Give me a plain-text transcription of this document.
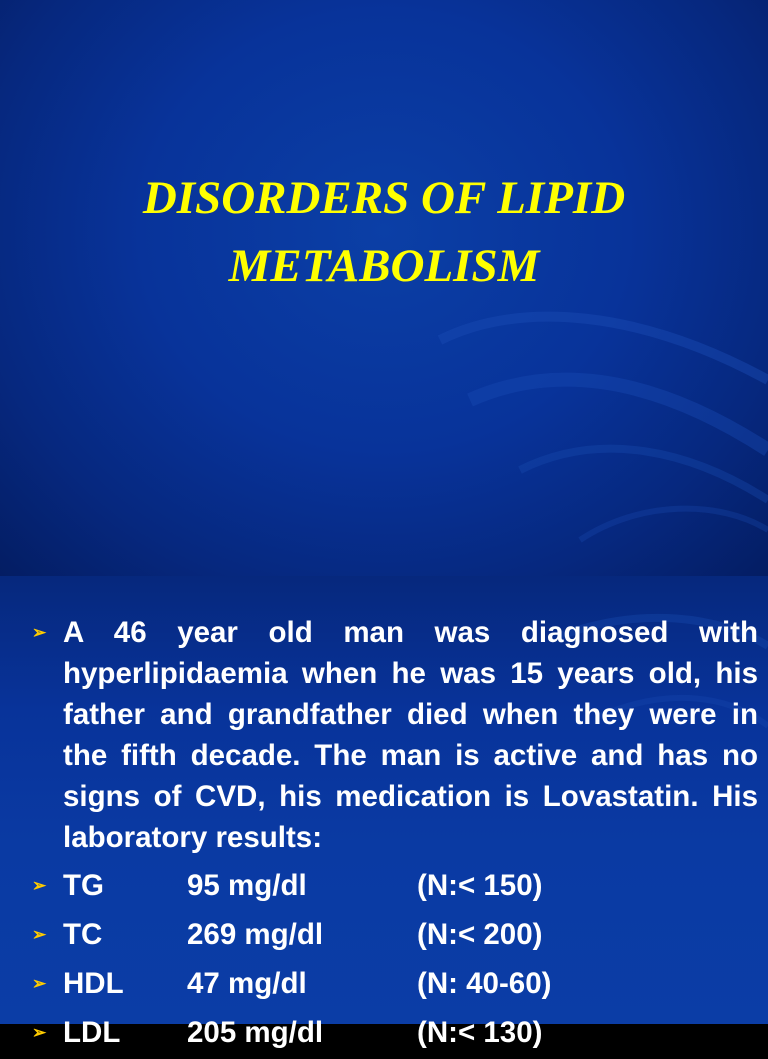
DISORDERS OF LIPID
METABOLISM
➢ A 46 year old man was diagnosed with hyperlipidaemia when he was 15 years old, his father and grandfather died when they were in the fifth decade. The man is active and has no signs of CVD, his medication is Lovastatin. His laboratory results:
➢ TG	95 mg/dl	(N:< 150)
➢ TC	269 mg/dl	(N:< 200)
➢ HDL 47 mg/dl	(N: 40-60)
➢ LDL 205 mg/dl	(N:< 130)
